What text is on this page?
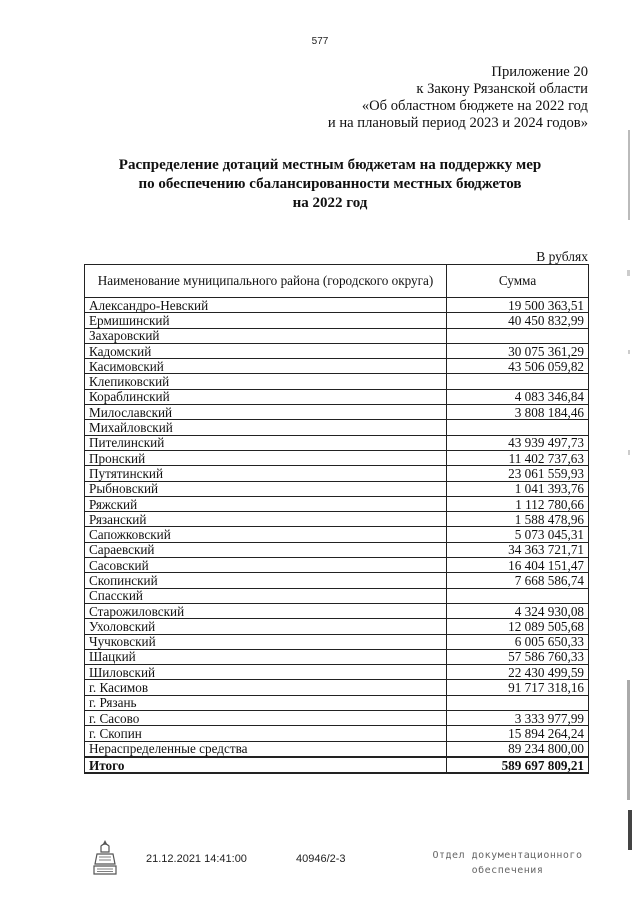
577
Приложение 20
к Закону Рязанской области
«Об областном бюджете на 2022 год
и на плановый период 2023 и 2024 годов»
Распределение дотаций местным бюджетам на поддержку мер
по обеспечению сбалансированности местных бюджетов
на 2022 год
В рублях
Наименование муниципального района (городского округа)	Сумма
Александро-Невский	19 500 363,51
Ермишинский	40 450 832,99
Захаровский	
Кадомский	30 075 361,29
Касимовский	43 506 059,82
Клепиковский	
Кораблинский	4 083 346,84
Милославский	3 808 184,46
Михайловский	
Пителинский	43 939 497,73
Пронский	11 402 737,63
Путятинский	23 061 559,93
Рыбновский	1 041 393,76
Ряжский	1 112 780,66
Рязанский	1 588 478,96
Сапожковский	5 073 045,31
Сараевский	34 363 721,71
Сасовский	16 404 151,47
Скопинский	7 668 586,74
Спасский	
Старожиловский	4 324 930,08
Ухоловский	12 089 505,68
Чучковский	6 005 650,33
Шацкий	57 586 760,33
Шиловский	22 430 499,59
г. Касимов	91 717 318,16
г. Рязань	
г. Сасово	3 333 977,99
г. Скопин	15 894 264,24
Нераспределенные средства	89 234 800,00
Итого	589 697 809,21
21.12.2021 14:41:00	40946/2-3	Отдел документационного
обеспечения
